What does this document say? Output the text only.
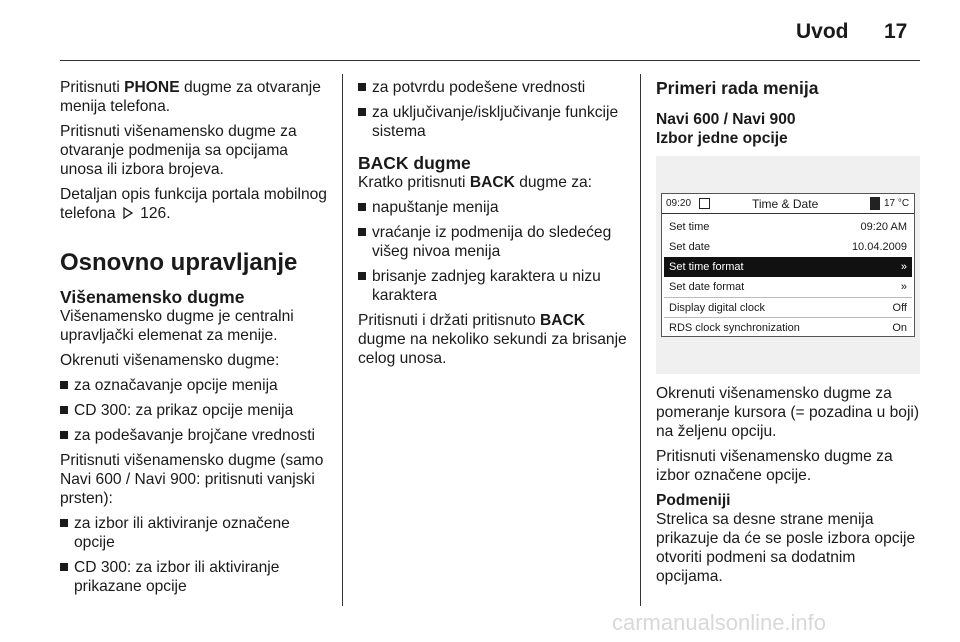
Uvod 17

Pritisnuti PHONE dugme za otvaranje menija telefona.

Pritisnuti višenamensko dugme za otvaranje podmenija sa opcijama unosa ili izbora brojeva.

Detaljan opis funkcija portala mobilnog telefona  126.

Osnovno upravljanje
Višenamensko dugme

Višenamensko dugme je centralni upravljački elemenat za menije.

Okrenuti višenamensko dugme:

za označavanje opcije menija
CD 300: za prikaz opcije menija
za podešavanje brojčane vrednosti

Pritisnuti višenamensko dugme (samo Navi 600 / Navi 900: pritisnuti vanjski prsten):

za izbor ili aktiviranje označene opcije
CD 300: za izbor ili aktiviranje prikazane opcije
za potvrdu podešene vrednosti
za uključivanje/isključivanje funkcije sistema
BACK dugme

Kratko pritisnuti BACK dugme za:

napuštanje menija
vraćanje iz podmenija do sledećeg višeg nivoa menija
brisanje zadnjeg karaktera u nizu karaktera

Pritisnuti i držati pritisnuto BACK dugme na nekoliko sekundi za brisanje celog unosa.

Primeri rada menija
Navi 600 / Navi 900
Izbor jedne opcije
09:20	Time & Date	17 °C
Set time	09:20 AM
Set date	10.04.2009
Set time format	»
Set date format	»
Display digital clock	Off
RDS clock synchronization	On

Okrenuti višenamensko dugme za pomeranje kursora (= pozadina u boji) na željenu opciju.

Pritisnuti višenamensko dugme za izbor označene opcije.

Podmeniji

Strelica sa desne strane menija prikazuje da će se posle izbora opcije otvoriti podmeni sa dodatnim opcijama.

carmanualsonline.info
